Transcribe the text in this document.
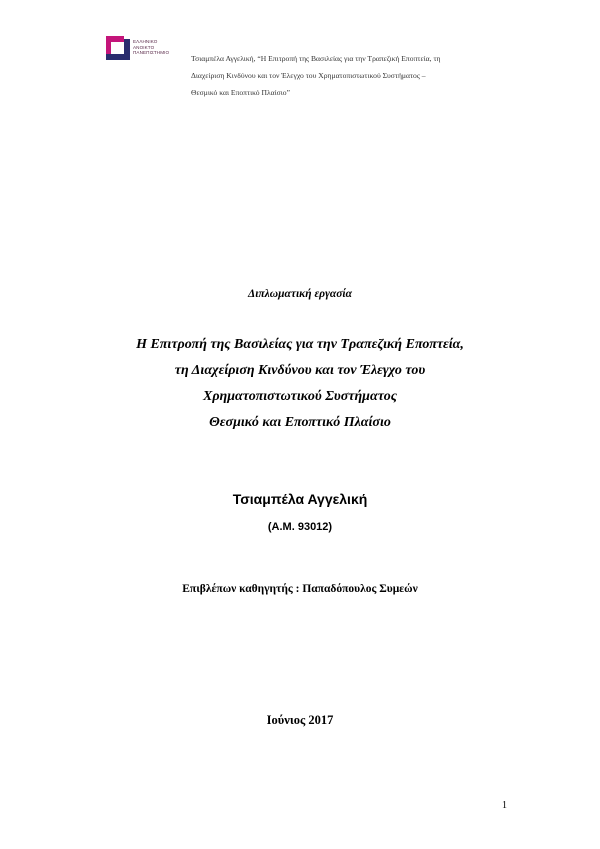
ΕΛΛΗΝΙΚΟ
ΑΝΟΙΚΤΟ
ΠΑΝΕΠΙΣΤΗΜΙΟ
Τσιαμπέλα Αγγελική, “Η Επιτροπή της Βασιλείας για την Τραπεζική Εποπτεία, τη
Διαχείριση Κινδύνου και τον Έλεγχο του Χρηματοπιστωτικού Συστήματος –
Θεσμικό και Εποπτικό Πλαίσιο”
Διπλωματική εργασία
Η Επιτροπή της Βασιλείας για την Τραπεζική Εποπτεία,
τη Διαχείριση Κινδύνου και τον Έλεγχο του
Χρηματοπιστωτικού Συστήματος
Θεσμικό και Εποπτικό Πλαίσιο
Τσιαμπέλα Αγγελική
(Α.Μ. 93012)
Επιβλέπων καθηγητής : Παπαδόπουλος Συμεών
Ιούνιος 2017
1
